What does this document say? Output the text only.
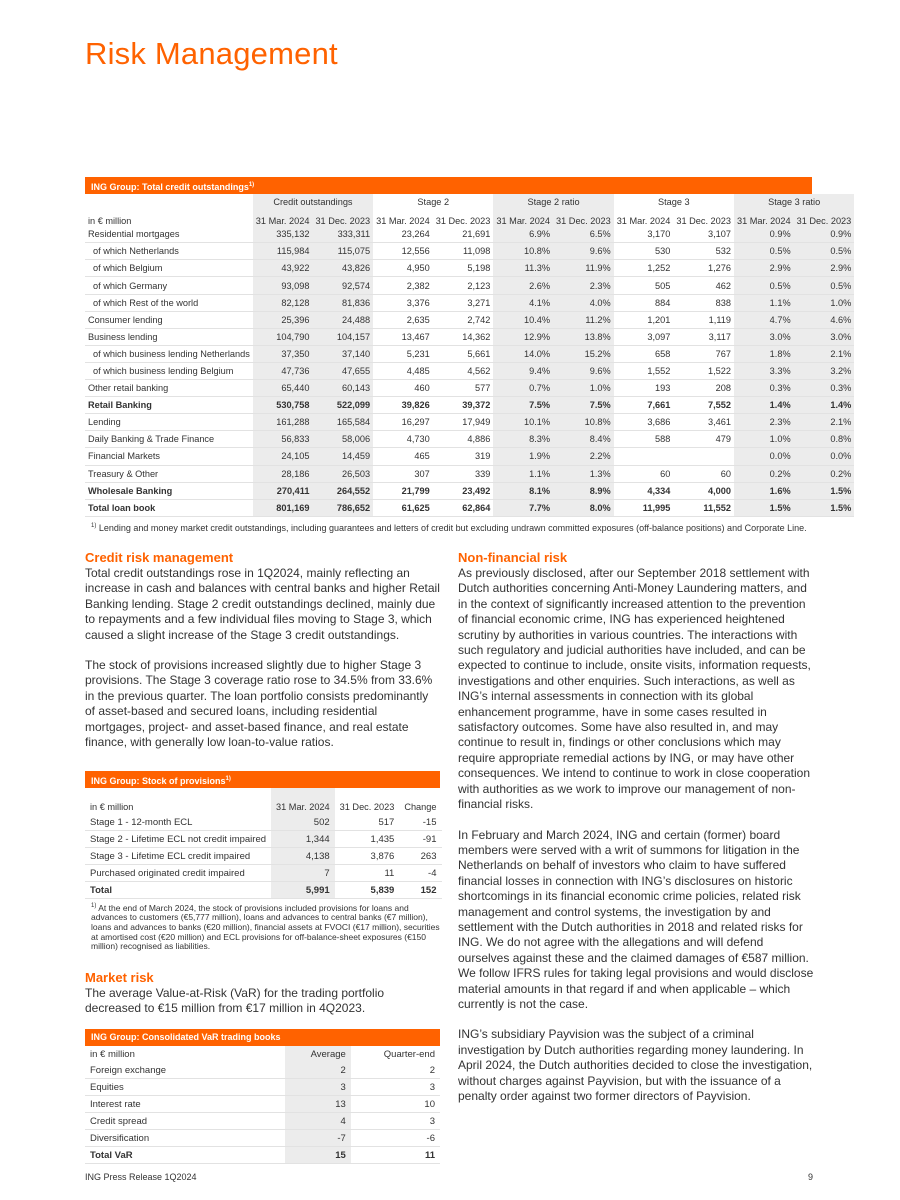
Risk Management
ING Group: Total credit outstandings$^{1)}$
	Credit outstandings		Stage 2		Stage 2 ratio		Stage 3		Stage 3 ratio	
in € million	31 Mar. 2024	31 Dec. 2023	31 Mar. 2024	31 Dec. 2023	31 Mar. 2024	31 Dec. 2023	31 Mar. 2024	31 Dec. 2023	31 Mar. 2024	31 Dec. 2023
Residential mortgages	335,132	333,311	23,264	21,691	6.9%	6.5%	3,170	3,107	0.9%	0.9%
of which Netherlands	115,984	115,075	12,556	11,098	10.8%	9.6%	530	532	0.5%	0.5%
of which Belgium	43,922	43,826	4,950	5,198	11.3%	11.9%	1,252	1,276	2.9%	2.9%
of which Germany	93,098	92,574	2,382	2,123	2.6%	2.3%	505	462	0.5%	0.5%
of which Rest of the world	82,128	81,836	3,376	3,271	4.1%	4.0%	884	838	1.1%	1.0%
Consumer lending	25,396	24,488	2,635	2,742	10.4%	11.2%	1,201	1,119	4.7%	4.6%
Business lending	104,790	104,157	13,467	14,362	12.9%	13.8%	3,097	3,117	3.0%	3.0%
of which business lending Netherlands	37,350	37,140	5,231	5,661	14.0%	15.2%	658	767	1.8%	2.1%
of which business lending Belgium	47,736	47,655	4,485	4,562	9.4%	9.6%	1,552	1,522	3.3%	3.2%
Other retail banking	65,440	60,143	460	577	0.7%	1.0%	193	208	0.3%	0.3%
Retail Banking	530,758	522,099	39,826	39,372	7.5%	7.5%	7,661	7,552	1.4%	1.4%
Lending	161,288	165,584	16,297	17,949	10.1%	10.8%	3,686	3,461	2.3%	2.1%
Daily Banking & Trade Finance	56,833	58,006	4,730	4,886	8.3%	8.4%	588	479	1.0%	0.8%
Financial Markets	24,105	14,459	465	319	1.9%	2.2%			0.0%	0.0%
Treasury & Other	28,186	26,503	307	339	1.1%	1.3%	60	60	0.2%	0.2%
Wholesale Banking	270,411	264,552	21,799	23,492	8.1%	8.9%	4,334	4,000	1.6%	1.5%
Total loan book	801,169	786,652	61,625	62,864	7.7%	8.0%	11,995	11,552	1.5%	1.5%
$^{1)}$ Lending and money market credit outstandings, including guarantees and letters of credit but excluding undrawn committed exposures (off-balance positions) and Corporate Line.
Credit risk management

Total credit outstandings rose in 1Q2024, mainly reflecting an increase in cash and balances with central banks and higher Retail Banking lending. Stage 2 credit outstandings declined, mainly due to repayments and a few individual files moving to Stage 3, which caused a slight increase of the Stage 3 credit outstandings.

The stock of provisions increased slightly due to higher Stage 3 provisions. The Stage 3 coverage ratio rose to 34.5% from 33.6% in the previous quarter. The loan portfolio consists predominantly of asset-based and secured loans, including residential mortgages, project- and asset-based finance, and real estate finance, with generally low loan-to-value ratios.

ING Group: Stock of provisions$^{1)}$
in € million	31 Mar. 2024	31 Dec. 2023	Change
Stage 1 - 12-month ECL	502	517	-15
Stage 2 - Lifetime ECL not credit impaired	1,344	1,435	-91
Stage 3 - Lifetime ECL credit impaired	4,138	3,876	263
Purchased originated credit impaired	7	11	-4
Total	5,991	5,839	152
$^{1)}$ At the end of March 2024, the stock of provisions included provisions for loans and advances to customers (€5,777 million), loans and advances to central banks (€7 million), loans and advances to banks (€20 million), financial assets at FVOCI (€17 million), securities at amortised cost (€20 million) and ECL provisions for off-balance-sheet exposures (€150 million) recognised as liabilities.
Market risk

The average Value-at-Risk (VaR) for the trading portfolio decreased to €15 million from €17 million in 4Q2023.

ING Group: Consolidated VaR trading books
in € million	Average	Quarter-end
Foreign exchange	2	2
Equities	3	3
Interest rate	13	10
Credit spread	4	3
Diversification	-7	-6
Total VaR	15	11
Non-financial risk

As previously disclosed, after our September 2018 settlement with Dutch authorities concerning Anti-Money Laundering matters, and in the context of significantly increased attention to the prevention of financial economic crime, ING has experienced heightened scrutiny by authorities in various countries. The interactions with such regulatory and judicial authorities have included, and can be expected to continue to include, onsite visits, information requests, investigations and other enquiries. Such interactions, as well as ING’s internal assessments in connection with its global enhancement programme, have in some cases resulted in satisfactory outcomes. Some have also resulted in, and may continue to result in, findings or other conclusions which may require appropriate remedial actions by ING, or may have other consequences. We intend to continue to work in close cooperation with authorities as we work to improve our management of non-financial risks.

In February and March 2024, ING and certain (former) board members were served with a writ of summons for litigation in the Netherlands on behalf of investors who claim to have suffered financial losses in connection with ING’s disclosures on historic shortcomings in its financial economic crime policies, related risk management and control systems, the investigation by and settlement with the Dutch authorities in 2018 and related risks for ING. We do not agree with the allegations and will defend ourselves against these and the claimed damages of €587 million. We follow IFRS rules for taking legal provisions and would disclose material amounts in that regard if and when applicable – which currently is not the case.

ING’s subsidiary Payvision was the subject of a criminal investigation by Dutch authorities regarding money laundering. In April 2024, the Dutch authorities decided to close the investigation, without charges against Payvision, but with the issuance of a penalty order against two former directors of Payvision.

ING Press Release 1Q2024	9
